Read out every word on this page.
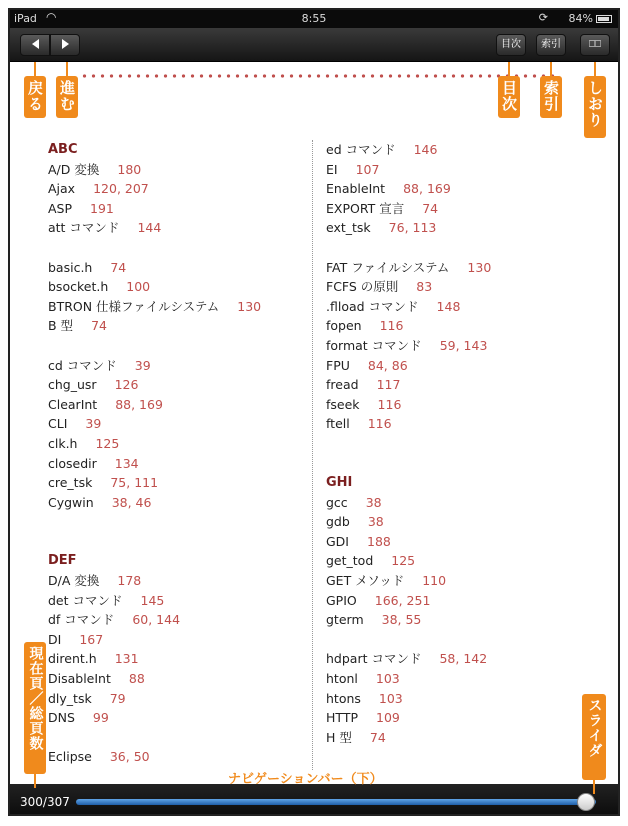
iPad ◠	8:55	⟳ 84%
目次	索引	⎕⎕
ABC
A/D 変換 180
Ajax 120, 207
ASP 191
att コマンド 144
basic.h 74
bsocket.h 100
BTRON 仕様ファイルシステム 130
B 型 74
cd コマンド 39
chg_usr 126
ClearInt 88, 169
CLI 39
clk.h 125
closedir 134
cre_tsk 75, 111
Cygwin 38, 46
DEF
D/A 変換 178
det コマンド 145
df コマンド 60, 144
DI 167
dirent.h 131
DisableInt 88
dly_tsk 79
DNS 99
Eclipse 36, 50
ed コマンド 146
EI 107
EnableInt 88, 169
EXPORT 宣言 74
ext_tsk 76, 113
FAT ファイルシステム 130
FCFS の原則 83
.flload コマンド 148
fopen 116
format コマンド 59, 143
FPU 84, 86
fread 117
fseek 116
ftell 116
GHI
gcc 38
gdb 38
GDI 188
get_tod 125
GET メソッド 110
GPIO 166, 251
gterm 38, 55
hdpart コマンド 58, 142
htonl 103
htons 103
HTTP 109
H 型 74
300/307
戻る 進む	目次 索引 しおり
現在頁／総頁数	スライダ
ナビゲーションバー（下）
